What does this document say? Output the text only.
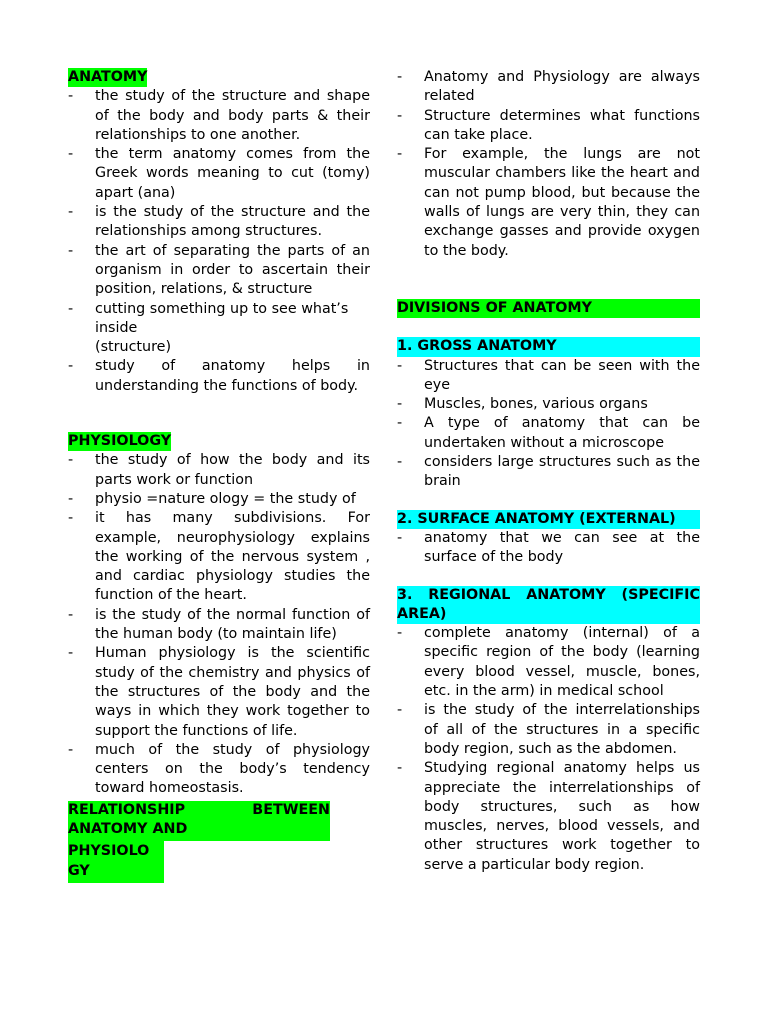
ANATOMY
- the study of the structure and shape of the body and body parts & their relationships to one another.
- the term anatomy comes from the Greek words meaning to cut (tomy) apart (ana)
- is the study of the structure and the relationships among structures.
- the art of separating the parts of an organism in order to ascertain their position, relations, & structure
- cutting something up to see what’s inside
(structure)
- study of anatomy helps in understanding the functions of body.
PHYSIOLOGY
- the study of how the body and its parts work or function
- physio =nature ology = the study of
- it has many subdivisions. For example, neurophysiology explains the working of the nervous system , and cardiac physiology studies the function of the heart.
- is the study of the normal function of the human body (to maintain life)
- Human physiology is the scientific study of the chemistry and physics of the structures of the body and the ways in which they work together to support the functions of life.
- much of the study of physiology centers on the body’s tendency toward homeostasis.
RELATIONSHIP BETWEEN
ANATOMY AND
PHYSIOLO
GY
- Anatomy and Physiology are always related
- Structure determines what functions can take place.
- For example, the lungs are not muscular chambers like the heart and can not pump blood, but because the walls of lungs are very thin, they can exchange gasses and provide oxygen to the body.
DIVISIONS OF ANATOMY
1. GROSS ANATOMY
- Structures that can be seen with the eye
- Muscles, bones, various organs
- A type of anatomy that can be undertaken without a microscope
- considers large structures such as the brain
2. SURFACE ANATOMY (EXTERNAL)
- anatomy that we can see at the surface of the body
3. REGIONAL ANATOMY (SPECIFIC AREA)
- complete anatomy (internal) of a specific region of the body (learning every blood vessel, muscle, bones, etc. in the arm) in medical school
- is the study of the interrelationships of all of the structures in a specific body region, such as the abdomen.
- Studying regional anatomy helps us appreciate the interrelationships of body structures, such as how muscles, nerves, blood vessels, and other structures work together to serve a particular body region.
